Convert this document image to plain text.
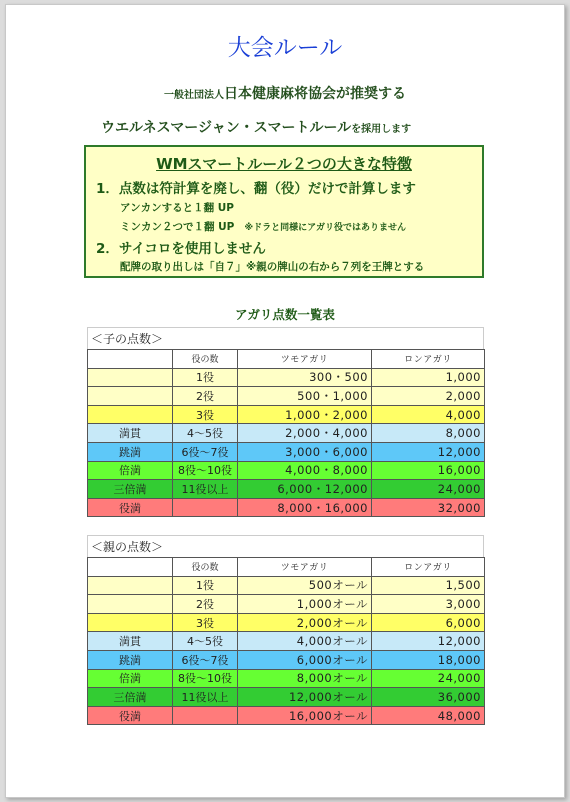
大会ルール
一般社団法人日本健康麻将協会が推奨する
ウエルネスマージャン・スマートルールを採用します
WMスマートルール２つの大きな特徴
1．点数は符計算を廃し、翻（役）だけで計算します
アンカンすると１翻 UP
ミンカン２つで１翻 UP ※ドラと同様にアガリ役ではありません
2．サイコロを使用しません
配牌の取り出しは「自７」※親の牌山の右から７列を王牌とする
アガリ点数一覧表
＜子の点数＞
	役の数	ツモアガリ	ロンアガリ
	1役	300・500	1,000
	2役	500・1,000	2,000
	3役	1,000・2,000	4,000
満貫	4～5役	2,000・4,000	8,000
跳満	6役～7役	3,000・6,000	12,000
倍満	8役～10役	4,000・8,000	16,000
三倍満	11役以上	6,000・12,000	24,000
役満		8,000・16,000	32,000
＜親の点数＞
	役の数	ツモアガリ	ロンアガリ
	1役	500オール	1,500
	2役	1,000オール	3,000
	3役	2,000オール	6,000
満貫	4～5役	4,000オール	12,000
跳満	6役～7役	6,000オール	18,000
倍満	8役～10役	8,000オール	24,000
三倍満	11役以上	12,000オール	36,000
役満		16,000オール	48,000
